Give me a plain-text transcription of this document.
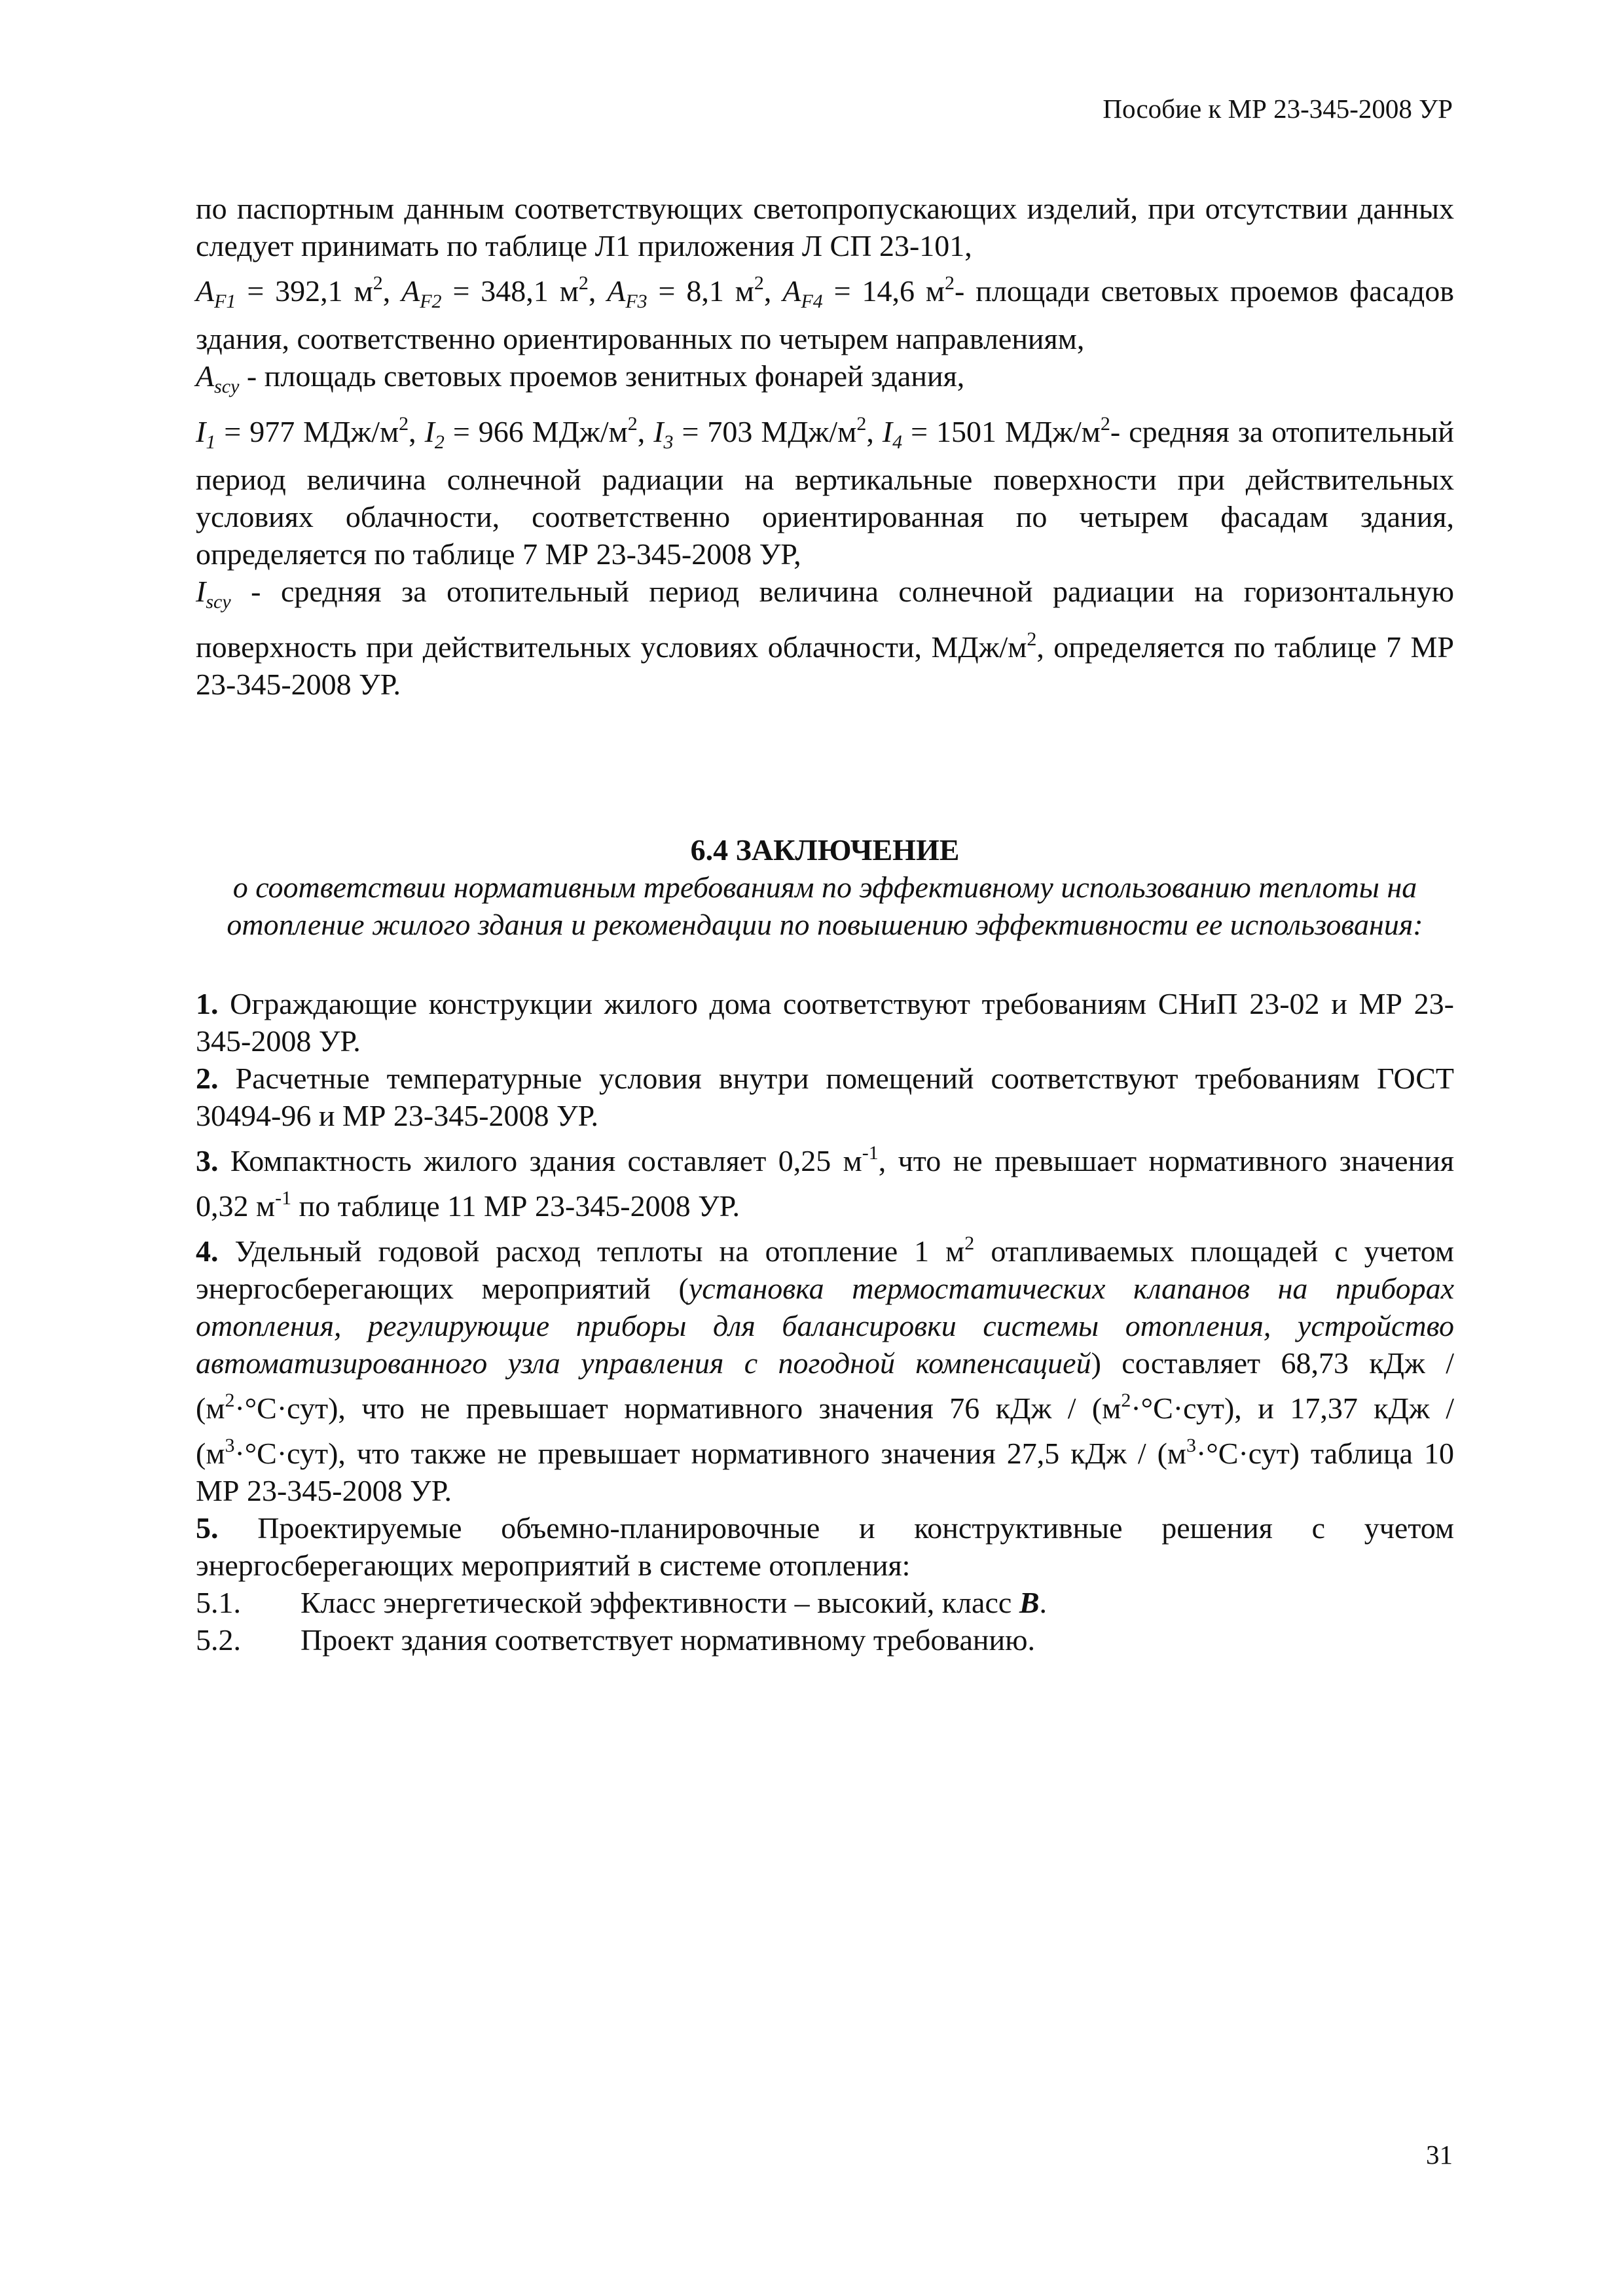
Пособие к МР 23-345-2008 УР

по паспортным данным соответствующих светопропускающих изделий, при отсутствии данных следует принимать по таблице Л1 приложения Л СП 23-101,

$A_{F1} = 392,1$ $м^2$, $A_{F2} = 348,1$ $м^2$, $A_{F3} = 8,1$ $м^2$, $A_{F4} = 14,6$ $м^2-$ площади световых проемов фасадов здания, соответственно ориентированных по четырем направлениям,

$A_{scy}$ - площадь световых проемов зенитных фонарей здания,

$I_1 = 977$ МДж/$м^2$, $I_2 = 966$ МДж/$м^2$, $I_3 = 703$ МДж/$м^2$, $I_4 = 1501$ МДж/$м^2-$ средняя за отопительный период величина солнечной радиации на вертикальные поверхности при действительных условиях облачности, соответственно ориентированная по четырем фасадам здания, определяется по таблице 7 МР 23-345-2008 УР,

$I_{scy}$ - средняя за отопительный период величина солнечной радиации на горизонтальную поверхность при действительных условиях облачности, МДж/$м^2$, определяется по таблице 7 МР 23-345-2008 УР.

6.4 ЗАКЛЮЧЕНИЕ

о соответствии нормативным требованиям по эффективному использованию теплоты на отопление жилого здания и рекомендации по повышению эффективности ее использования:

1. Ограждающие конструкции жилого дома соответствуют требованиям СНиП 23-02 и МР 23-345-2008 УР.

2. Расчетные температурные условия внутри помещений соответствуют требованиям ГОСТ 30494-96 и МР 23-345-2008 УР.

3. Компактность жилого здания составляет 0,25 $м^{-1}$, что не превышает нормативного значения 0,32 $м^{-1}$ по таблице 11 МР 23-345-2008 УР.

4. Удельный годовой расход теплоты на отопление 1 $м^2$ отапливаемых площадей с учетом энергосберегающих мероприятий (установка термостатических клапанов на приборах отопления, регулирующие приборы для балансировки системы отопления, устройство автоматизированного узла управления с погодной компенсацией) составляет 68,73 кДж / $(м^2\cdot^\circ С\cdot сут)$, что не превышает нормативного значения 76 кДж / $(м^2\cdot^\circ С\cdot сут)$, и 17,37 кДж / $(м^3\cdot^\circ С\cdot сут)$, что также не превышает нормативного значения 27,5 кДж / $(м^3\cdot^\circ С\cdot сут)$ таблица 10 МР 23-345-2008 УР.

5. Проектируемые объемно-планировочные и конструктивные решения с учетом энергосберегающих мероприятий в системе отопления:

5.1.	Класс энергетической эффективности – высокий, класс В.
5.2.	Проект здания соответствует нормативному требованию.
31
